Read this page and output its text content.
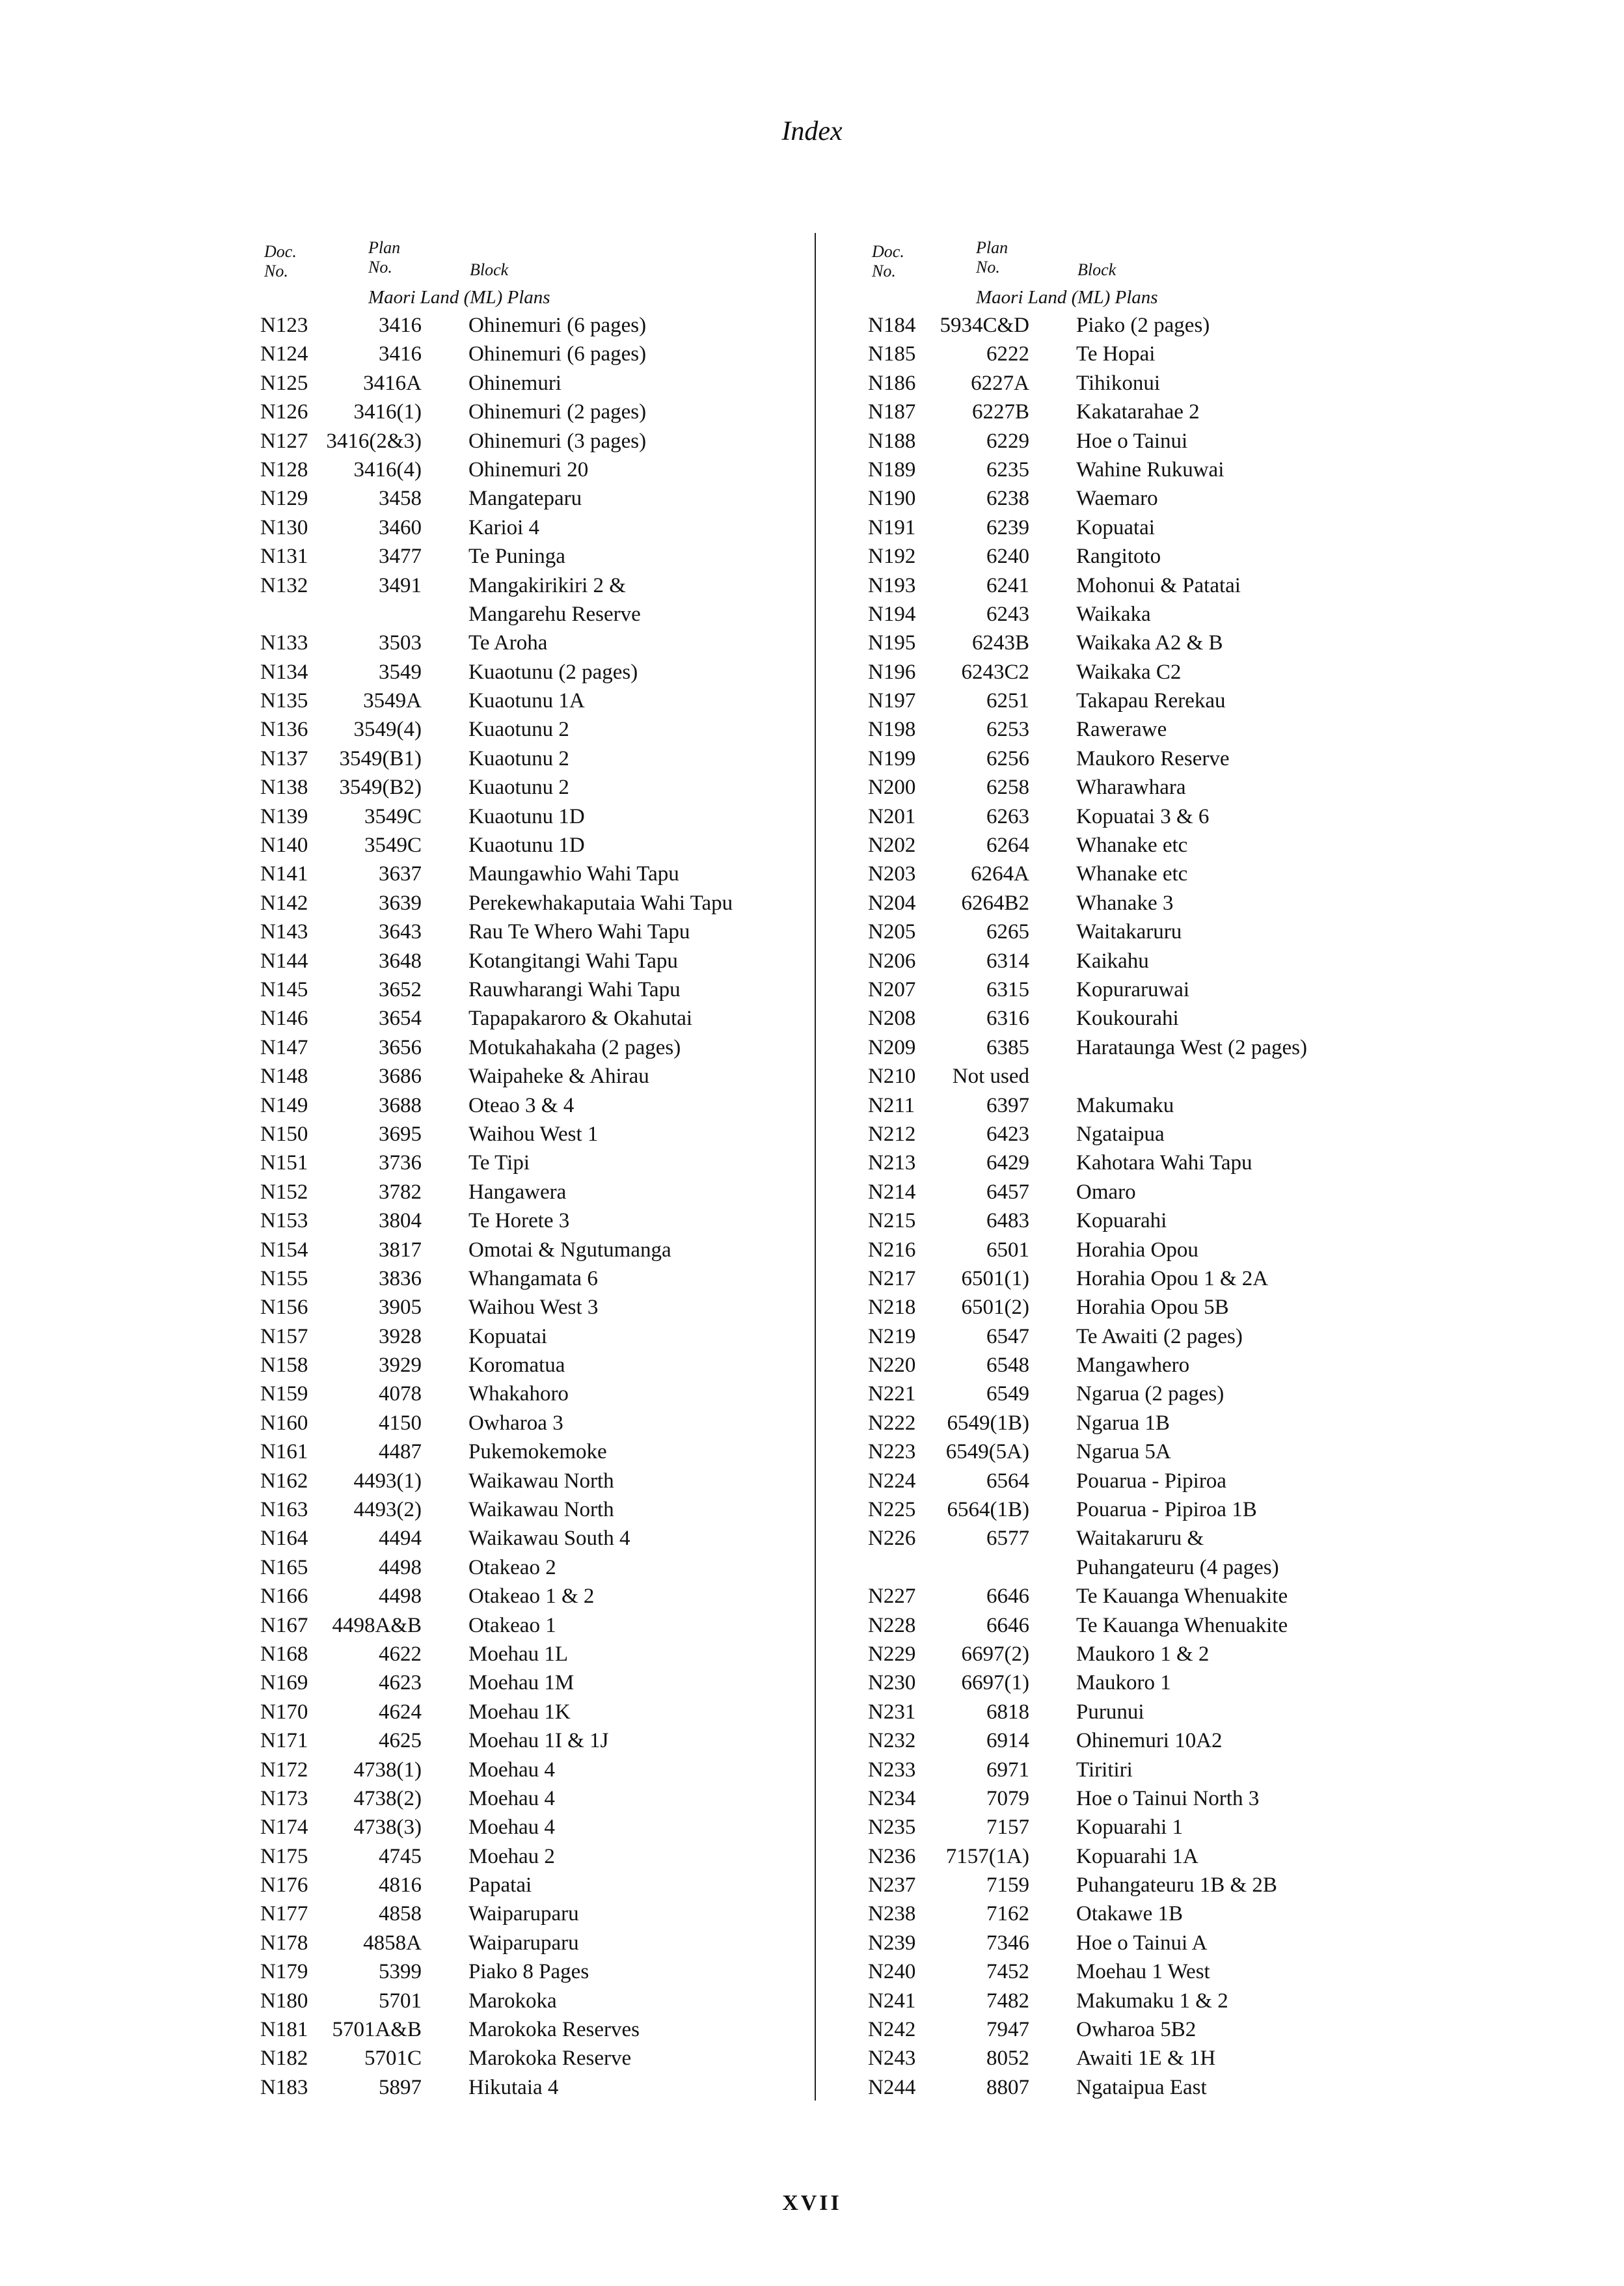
Index
Doc.
No.
Plan
No.	Block
Maori Land (ML) Plans
N123	3416 Ohinemuri (6 pages)
N124	3416 Ohinemuri (6 pages)
N125	3416A Ohinemuri
N126 3416(1) Ohinemuri (2 pages)
N127 3416(2&3) Ohinemuri (3 pages)
N128 3416(4) Ohinemuri 20
N129	3458 Mangateparu
N130	3460 Karioi 4
N131	3477 Te Puninga
N132	3491 Mangakirikiri 2 &
Mangarehu Reserve
N133	3503 Te Aroha
N134	3549 Kuaotunu (2 pages)
N135	3549A Kuaotunu 1A
N136 3549(4) Kuaotunu 2
N137 3549(B1) Kuaotunu 2
N138 3549(B2) Kuaotunu 2
N139	3549C Kuaotunu 1D
N140	3549C Kuaotunu 1D
N141	3637 Maungawhio Wahi Tapu
N142	3639 Perekewhakaputaia Wahi Tapu
N143	3643 Rau Te Whero Wahi Tapu
N144	3648 Kotangitangi Wahi Tapu
N145	3652 Rauwharangi Wahi Tapu
N146	3654 Tapapakaroro & Okahutai
N147	3656 Motukahakaha (2 pages)
N148	3686 Waipaheke & Ahirau
N149	3688 Oteao 3 & 4
N150	3695 Waihou West 1
N151	3736 Te Tipi
N152	3782 Hangawera
N153	3804 Te Horete 3
N154	3817 Omotai & Ngutumanga
N155	3836 Whangamata 6
N156	3905 Waihou West 3
N157	3928 Kopuatai
N158	3929 Koromatua
N159	4078 Whakahoro
N160	4150 Owharoa 3
N161	4487 Pukemokemoke
N162 4493(1) Waikawau North
N163 4493(2) Waikawau North
N164	4494 Waikawau South 4
N165	4498 Otakeao 2
N166	4498 Otakeao 1 & 2
N167 4498A&B Otakeao 1
N168	4622 Moehau 1L
N169	4623 Moehau 1M
N170	4624 Moehau 1K
N171	4625 Moehau 1I & 1J
N172 4738(1) Moehau 4
N173 4738(2) Moehau 4
N174 4738(3) Moehau 4
N175	4745 Moehau 2
N176	4816 Papatai
N177	4858 Waiparuparu
N178	4858A Waiparuparu
N179	5399 Piako 8 Pages
N180	5701 Marokoka
N181 5701A&B Marokoka Reserves
N182	5701C Marokoka Reserve
N183	5897 Hikutaia 4
Doc.
No.
Plan
No.	Block
Maori Land (ML) Plans
N184 5934C&D Piako (2 pages)
N185	6222 Te Hopai
N186	6227A Tihikonui
N187	6227B Kakatarahae 2
N188	6229 Hoe o Tainui
N189	6235 Wahine Rukuwai
N190	6238 Waemaro
N191	6239 Kopuatai
N192	6240 Rangitoto
N193	6241 Mohonui & Patatai
N194	6243 Waikaka
N195	6243B Waikaka A2 & B
N196 6243C2 Waikaka C2
N197	6251 Takapau Rerekau
N198	6253 Rawerawe
N199	6256 Maukoro Reserve
N200	6258 Wharawhara
N201	6263 Kopuatai 3 & 6
N202	6264 Whanake etc
N203	6264A Whanake etc
N204 6264B2 Whanake 3
N205	6265 Waitakaruru
N206	6314 Kaikahu
N207	6315 Kopuraruwai
N208	6316 Koukourahi
N209	6385 Harataunga West (2 pages)
N210 Not used
N211	6397 Makumaku
N212	6423 Ngataipua
N213	6429 Kahotara Wahi Tapu
N214	6457 Omaro
N215	6483 Kopuarahi
N216	6501 Horahia Opou
N217 6501(1) Horahia Opou 1 & 2A
N218 6501(2) Horahia Opou 5B
N219	6547 Te Awaiti (2 pages)
N220	6548 Mangawhero
N221	6549 Ngarua (2 pages)
N222 6549(1B) Ngarua 1B
N223 6549(5A) Ngarua 5A
N224	6564 Pouarua - Pipiroa
N225 6564(1B) Pouarua - Pipiroa 1B
N226	6577 Waitakaruru &
Puhangateuru (4 pages)
N227	6646 Te Kauanga Whenuakite
N228	6646 Te Kauanga Whenuakite
N229 6697(2) Maukoro 1 & 2
N230 6697(1) Maukoro 1
N231	6818 Purunui
N232	6914 Ohinemuri 10A2
N233	6971 Tiritiri
N234	7079 Hoe o Tainui North 3
N235	7157 Kopuarahi 1
N236 7157(1A) Kopuarahi 1A
N237	7159 Puhangateuru 1B & 2B
N238	7162 Otakawe 1B
N239	7346 Hoe o Tainui A
N240	7452 Moehau 1 West
N241	7482 Makumaku 1 & 2
N242	7947 Owharoa 5B2
N243	8052 Awaiti 1E & 1H
N244	8807 Ngataipua East
XVII
